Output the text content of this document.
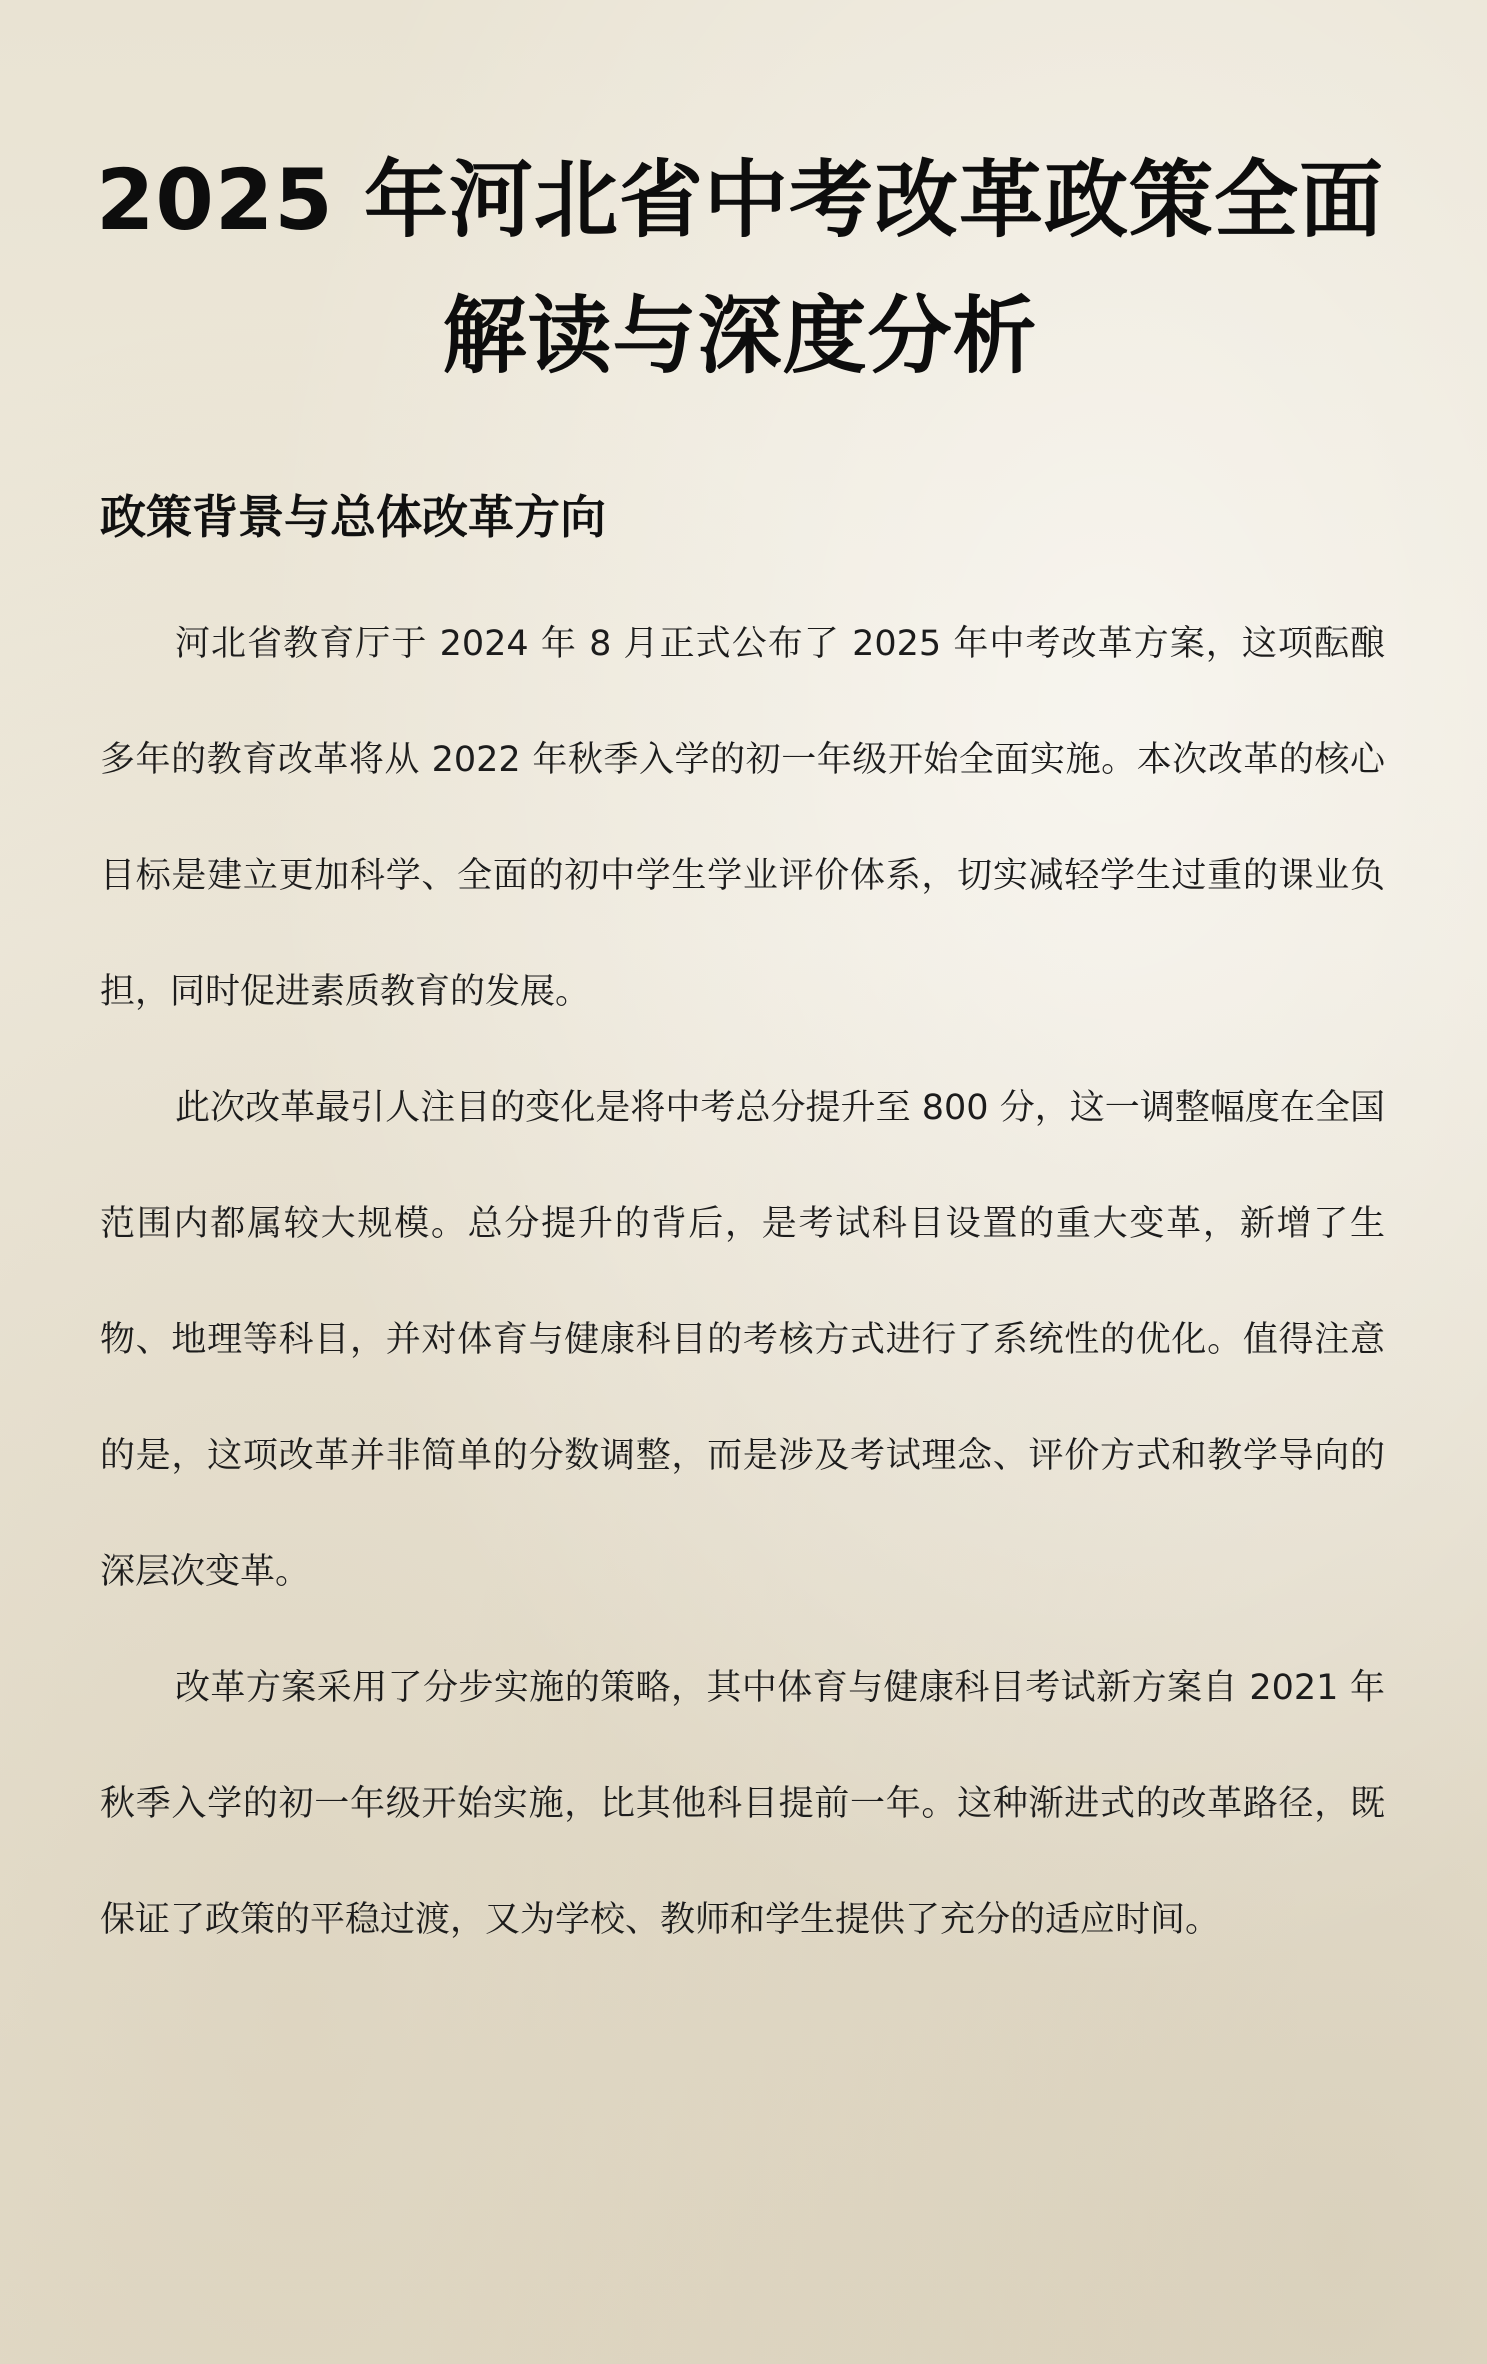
2025 年河北省中考改革政策全面解读与深度分析
政策背景与总体改革方向

河北省教育厅于 2024 年 8 月正式公布了 2025 年中考改革方案，这项酝酿多年的教育改革将从 2022 年秋季入学的初一年级开始全面实施。本次改革的核心目标是建立更加科学、全面的初中学生学业评价体系，切实减轻学生过重的课业负担，同时促进素质教育的发展。

此次改革最引人注目的变化是将中考总分提升至 800 分，这一调整幅度在全国范围内都属较大规模。总分提升的背后，是考试科目设置的重大变革，新增了生物、地理等科目，并对体育与健康科目的考核方式进行了系统性的优化。值得注意的是，这项改革并非简单的分数调整，而是涉及考试理念、评价方式和教学导向的深层次变革。

改革方案采用了分步实施的策略，其中体育与健康科目考试新方案自 2021 年秋季入学的初一年级开始实施，比其他科目提前一年。这种渐进式的改革路径，既保证了政策的平稳过渡，又为学校、教师和学生提供了充分的适应时间。
